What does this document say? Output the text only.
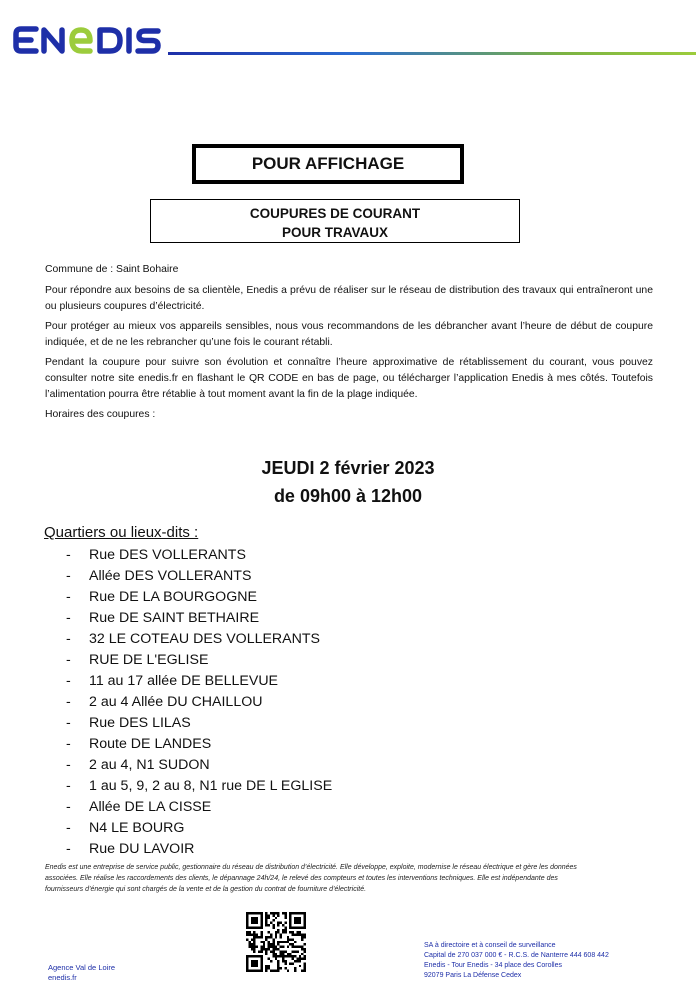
POUR AFFICHAGE
COUPURES DE COURANT
POUR TRAVAUX
Commune de : Saint Bohaire
Pour répondre aux besoins de sa clientèle, Enedis a prévu de réaliser sur le réseau de distribution des travaux qui entraîneront une ou plusieurs coupures d’électricité.
Pour protéger au mieux vos appareils sensibles, nous vous recommandons de les débrancher avant l’heure de début de coupure indiquée, et de ne les rebrancher qu’une fois le courant rétabli.
Pendant la coupure pour suivre son évolution et connaître l’heure approximative de rétablissement du courant, vous pouvez consulter notre site enedis.fr en flashant le QR CODE en bas de page, ou télécharger l’application Enedis à mes côtés. Toutefois l’alimentation pourra être rétablie à tout moment avant la fin de la plage indiquée.
Horaires des coupures :
JEUDI 2 février 2023
de 09h00 à 12h00
Quartiers ou lieux-dits :
-	Rue DES VOLLERANTS
-	Allée DES VOLLERANTS
-	Rue DE LA BOURGOGNE
-	Rue DE SAINT BETHAIRE
-	32 LE COTEAU DES VOLLERANTS
-	RUE DE L'EGLISE
-	11 au 17 allée DE BELLEVUE
-	2 au 4 Allée DU CHAILLOU
-	Rue DES LILAS
-	Route DE LANDES
-	2 au 4, N1 SUDON
-	1 au 5, 9, 2 au 8, N1 rue DE L EGLISE
-	Allée DE LA CISSE
-	N4 LE BOURG
-	Rue DU LAVOIR
Enedis est une entreprise de service public, gestionnaire du réseau de distribution d’électricité. Elle développe, exploite, modernise le réseau électrique et gère les données
associées. Elle réalise les raccordements des clients, le dépannage 24h/24, le relevé des compteurs et toutes les interventions techniques. Elle est indépendante des
fournisseurs d’énergie qui sont chargés de la vente et de la gestion du contrat de fourniture d’électricité.
Agence Val de Loire
enedis.fr
SA à directoire et à conseil de surveillance
Capital de 270 037 000 € - R.C.S. de Nanterre 444 608 442
Enedis - Tour Enedis - 34 place des Corolles
92079 Paris La Défense Cedex
